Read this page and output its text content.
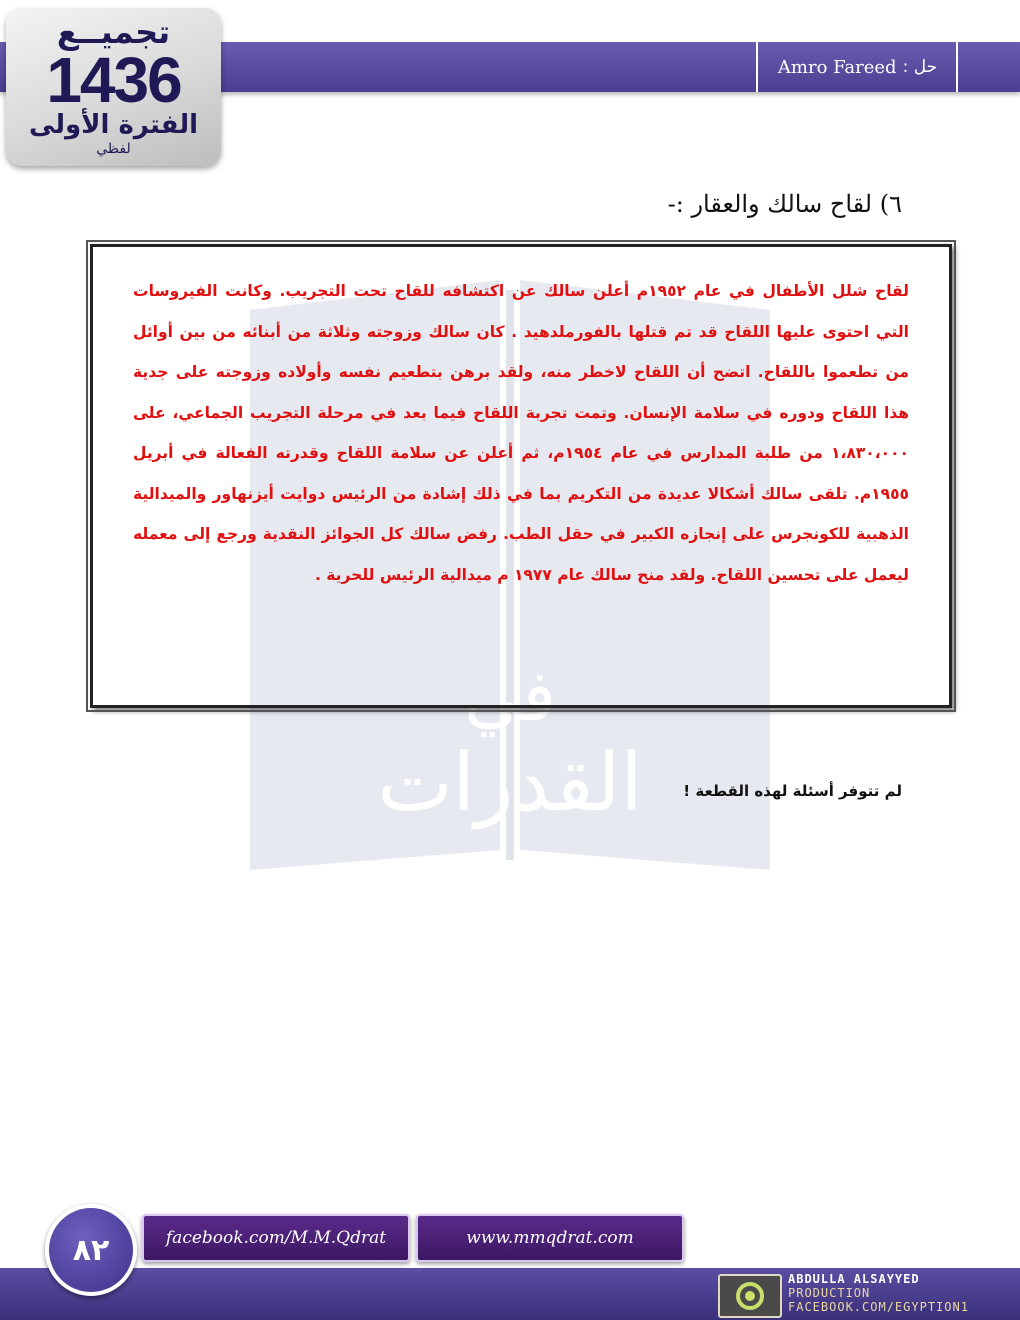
في
القدرات
Amro Fareed حل :
تجميــع
1436
الفترة الأولى
لفظي
٦) لقاح سالك والعقار :-
لقاح شلل الأطفال في عام ١٩٥٢م أعلن سالك عن اكتشافه للقاح تحت التجريب. وكانت الفيروسات التي احتوى عليها اللقاح قد تم قتلها بالفورملدهيد . كان سالك وزوجته وثلاثة من أبنائه من بين أوائل من تطعموا باللقاح. اتضح أن اللقاح لاخطر منه، ولقد برهن بتطعيم نفسه وأولاده وزوجته على جدية هذا اللقاح ودوره في سلامة الإنسان. وتمت تجربة اللقاح فيما بعد في مرحلة التجريب الجماعي، على ١،٨٣٠،٠٠٠ من طلبة المدارس في عام ١٩٥٤م، ثم أعلن عن سلامة اللقاح وقدرته الفعالة في أبريل ١٩٥٥م. تلقى سالك أشكالا عديدة من التكريم بما في ذلك إشادة من الرئيس دوايت أيزنهاور والميدالية الذهبية للكونجرس على إنجازه الكبير في حقل الطب. رفض سالك كل الجوائز النقدية ورجع إلى معمله ليعمل على تحسين اللقاح. ولقد منح سالك عام ١٩٧٧ م ميدالية الرئيس للحرية .
لم تتوفر أسئلة لهذه القطعة !
٨٢	facebook.com/M.M.Qdrat	www.mmqdrat.com
ABDULLA ALSAYYED
PRODUCTION
FACEBOOK.COM/EGYPTION1
